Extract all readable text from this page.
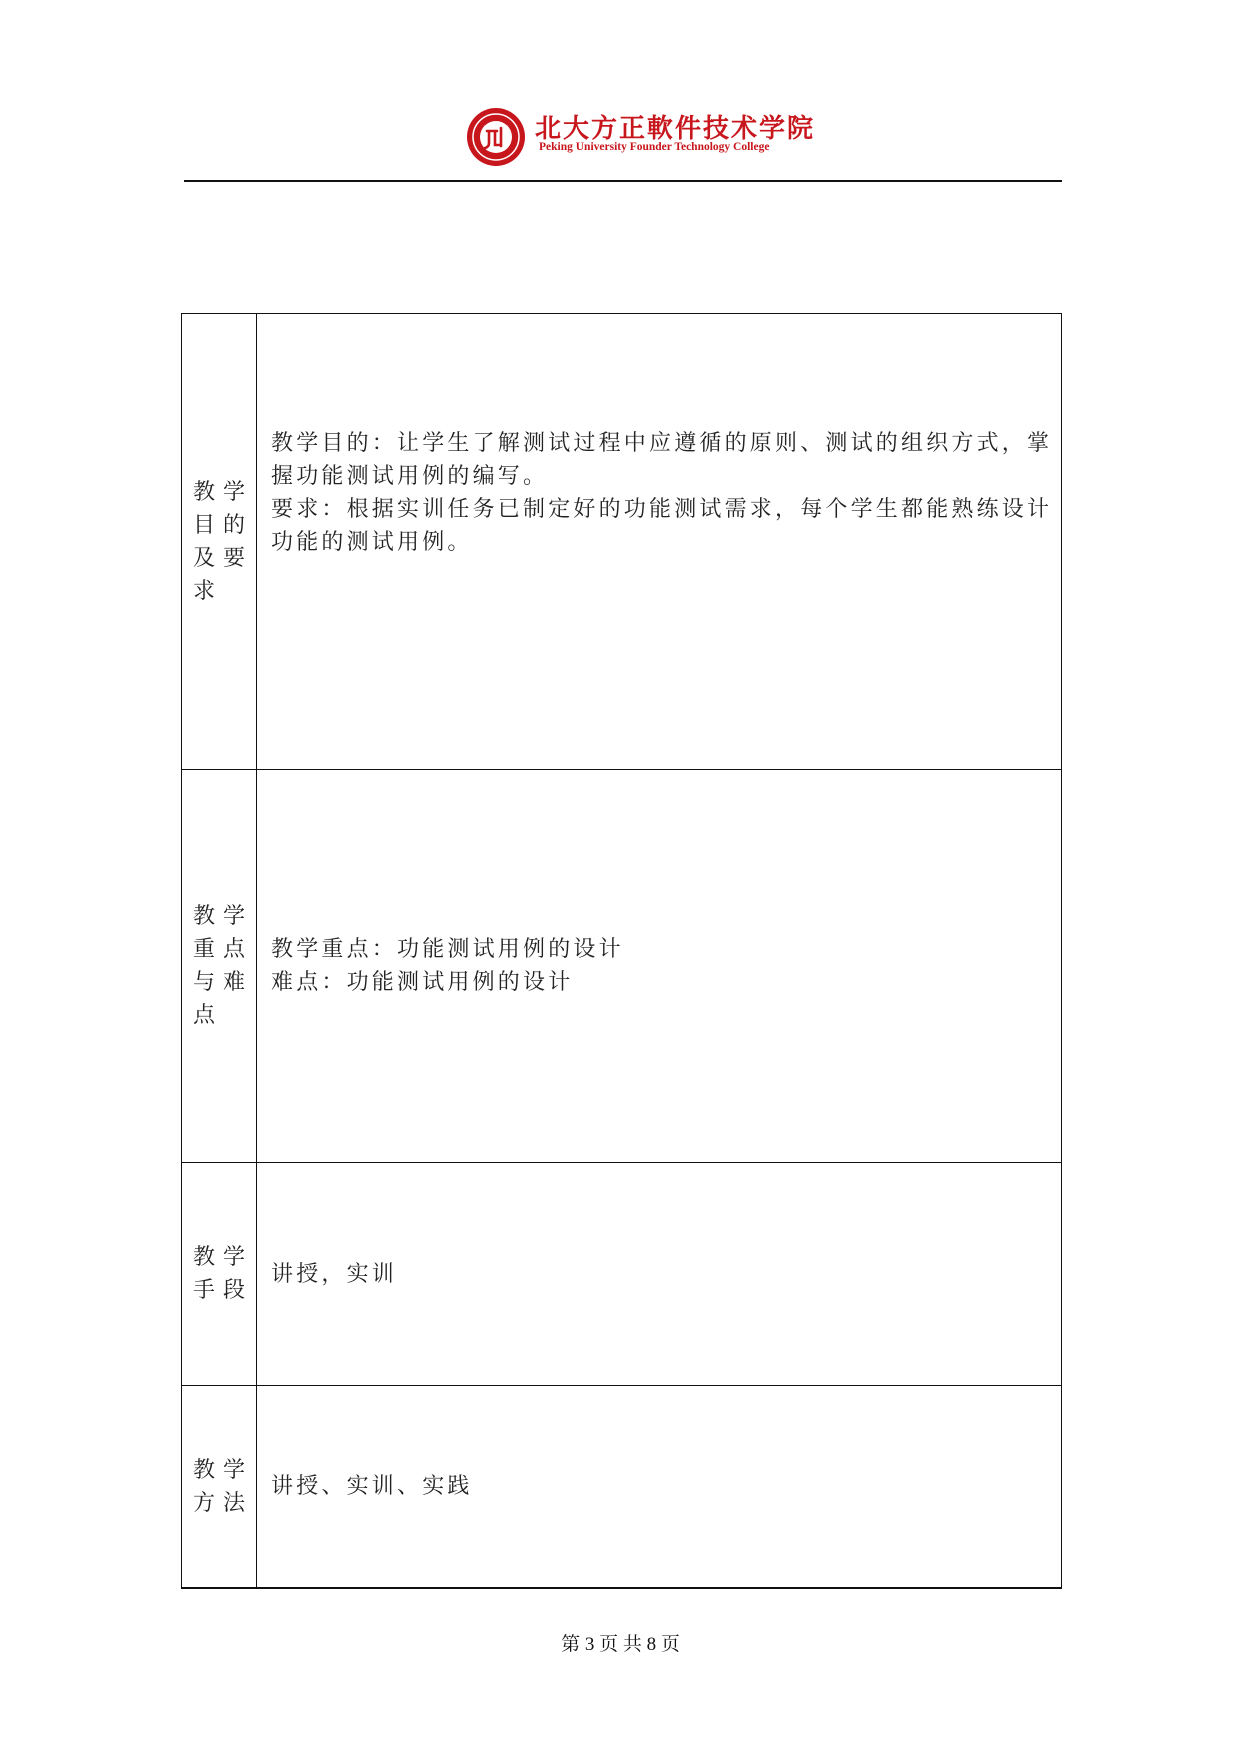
北大方正軟件技术学院
Peking University Founder Technology College
教学目的及要求	教学目的：让学生了解测试过程中应遵循的原则、测试的组织方式，掌
握功能测试用例的编写。
要求：根据实训任务已制定好的功能测试需求，每个学生都能熟练设计
功能的测试用例。

教学重点与难点	教学重点：功能测试用例的设计
难点：功能测试用例的设计

教学手段	讲授，实训

教学方法	讲授、实训、实践
第 3 页 共 8 页
